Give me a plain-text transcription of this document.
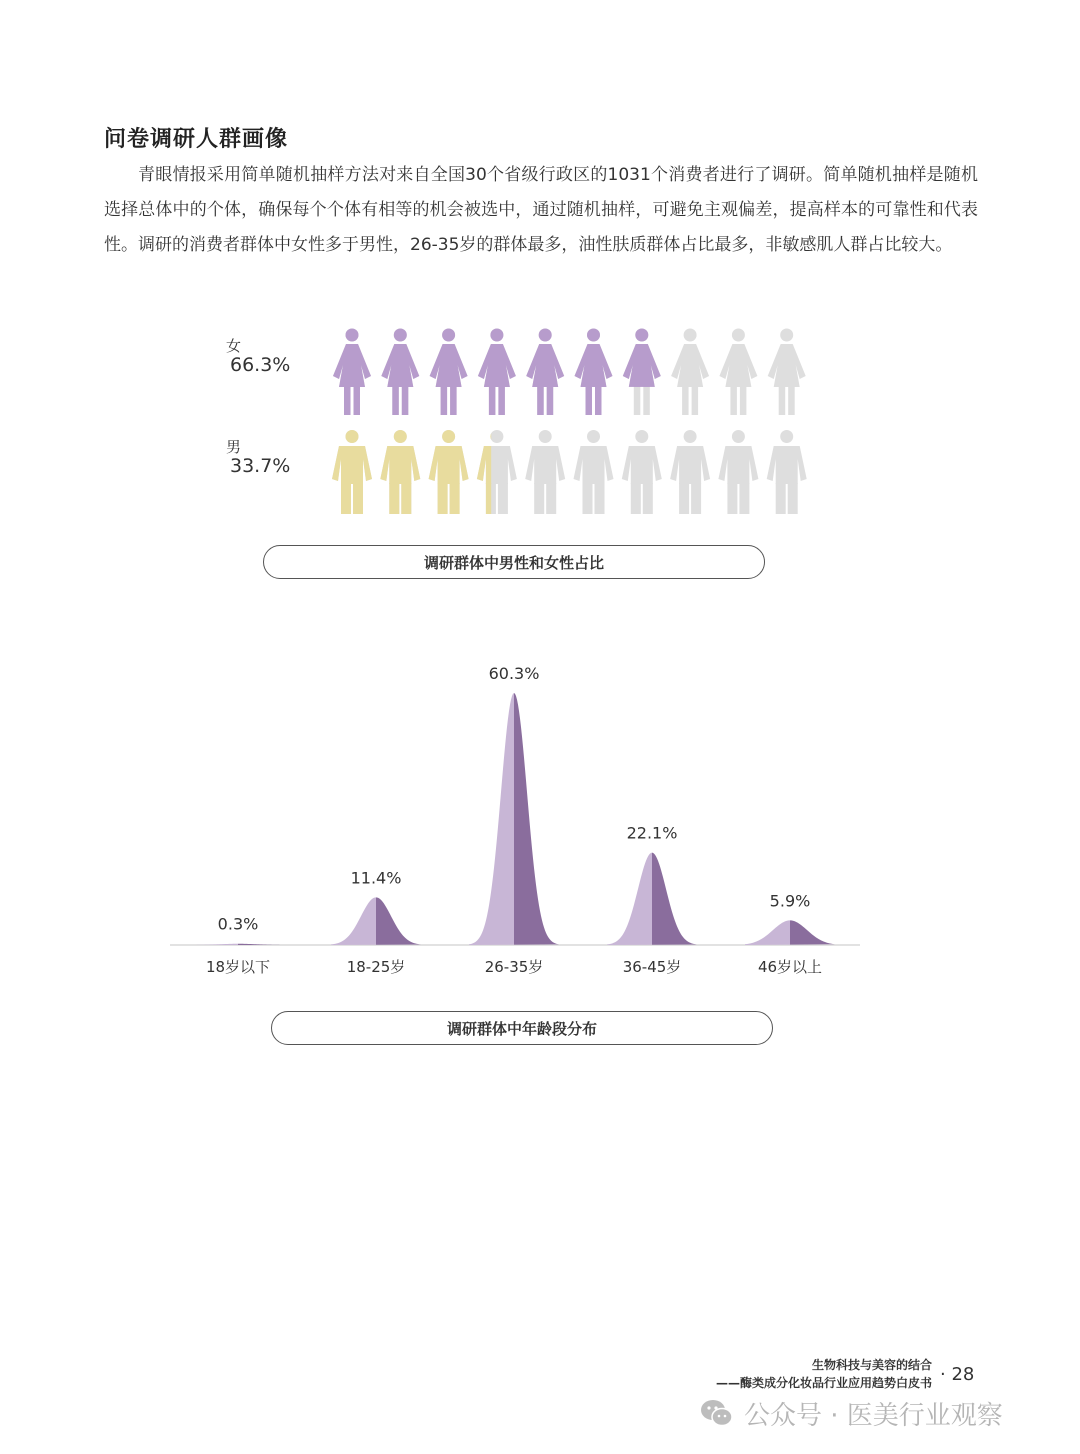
问卷调研人群画像

青眼情报采用简单随机抽样方法对来自全国30个省级行政区的1031个消费者进行了调研。简单随机抽样是随机选择总体中的个体，确保每个个体有相等的机会被选中，通过随机抽样，可避免主观偏差，提高样本的可靠性和代表性。调研的消费者群体中女性多于男性，26-35岁的群体最多，油性肤质群体占比最多，非敏感肌人群占比较大。

女
66.3%
男
33.7%
调研群体中男性和女性占比
0.3%
18岁以下
11.4%
18-25岁
60.3%
26-35岁
22.1%
36-45岁
5.9%
46岁以上
调研群体中年龄段分布
生物科技与美容的结合
——酶类成分化妆品行业应用趋势白皮书 · 28
公众号 · 医美行业观察
